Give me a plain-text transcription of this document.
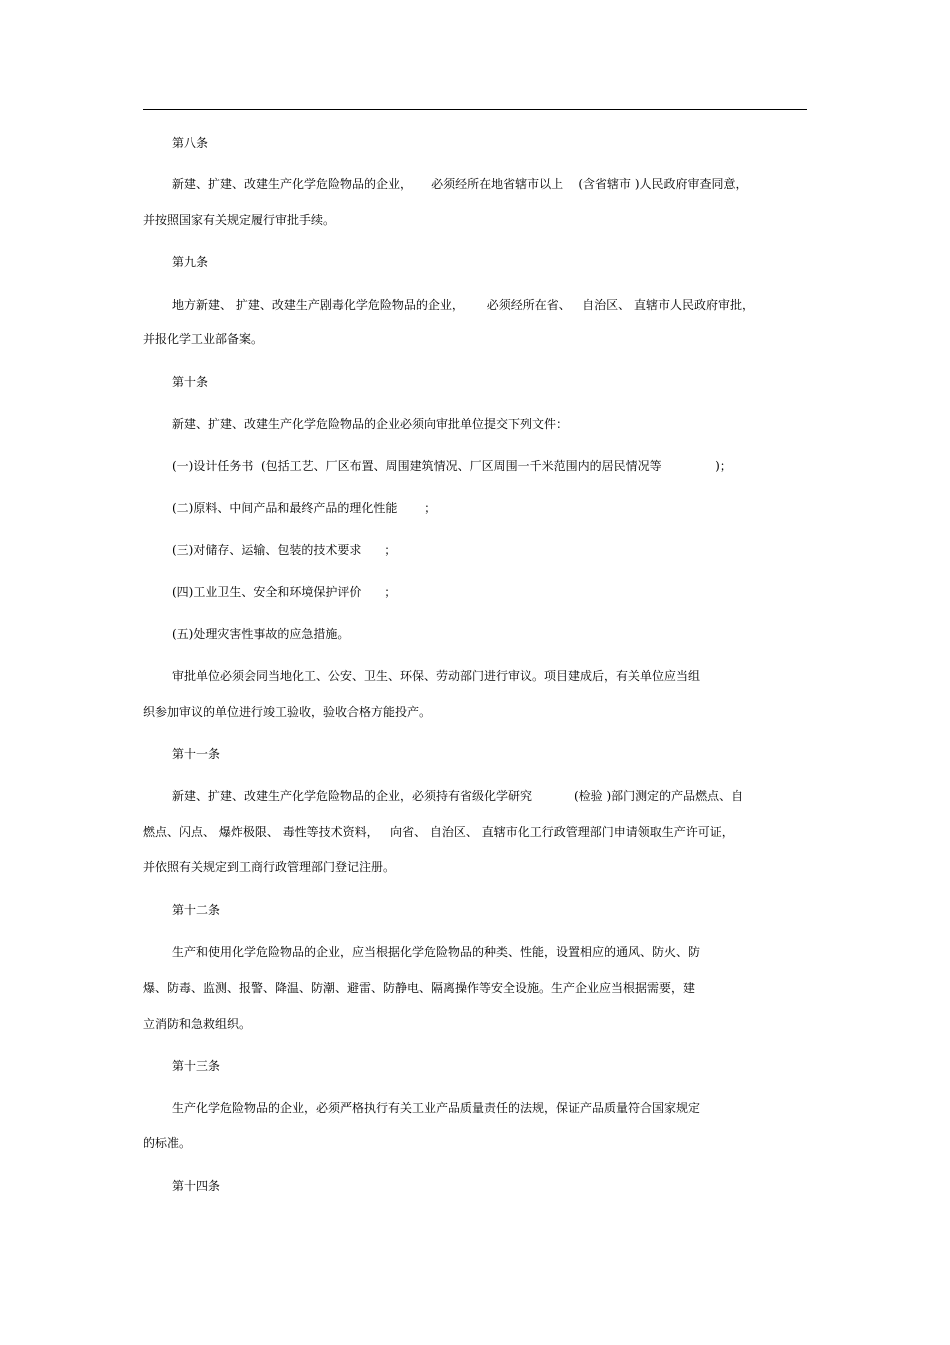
第八条
新建、扩建、改建生产化学危险物品的企业，     必须经所在地省辖市以上    (含省辖市 )人民政府审查同意，
并按照国家有关规定履行审批手续。
第九条
地方新建、 扩建、改建生产剧毒化学危险物品的企业，      必须经所在省、   自治区、 直辖市人民政府审批，
并报化学工业部备案。
第十条
新建、扩建、改建生产化学危险物品的企业必须向审批单位提交下列文件：
(一)设计任务书  (包括工艺、厂区布置、周围建筑情况、厂区周围一千米范围内的居民情况等              )；
(二)原料、中间产品和最终产品的理化性能       ；
(三)对储存、运输、包装的技术要求      ；
(四)工业卫生、安全和环境保护评价      ；
(五)处理灾害性事故的应急措施。
审批单位必须会同当地化工、公安、卫生、环保、劳动部门进行审议。项目建成后，有关单位应当组
织参加审议的单位进行竣工验收，验收合格方能投产。
第十一条
新建、扩建、改建生产化学危险物品的企业，必须持有省级化学研究           (检验 )部门测定的产品燃点、自
燃点、闪点、 爆炸极限、 毒性等技术资料，   向省、 自治区、 直辖市化工行政管理部门申请领取生产许可证，
并依照有关规定到工商行政管理部门登记注册。
第十二条
生产和使用化学危险物品的企业，应当根据化学危险物品的种类、性能，设置相应的通风、防火、防
爆、防毒、监测、报警、降温、防潮、避雷、防静电、隔离操作等安全设施。生产企业应当根据需要，建
立消防和急救组织。
第十三条
生产化学危险物品的企业，必须严格执行有关工业产品质量责任的法规，保证产品质量符合国家规定
的标准。
第十四条
